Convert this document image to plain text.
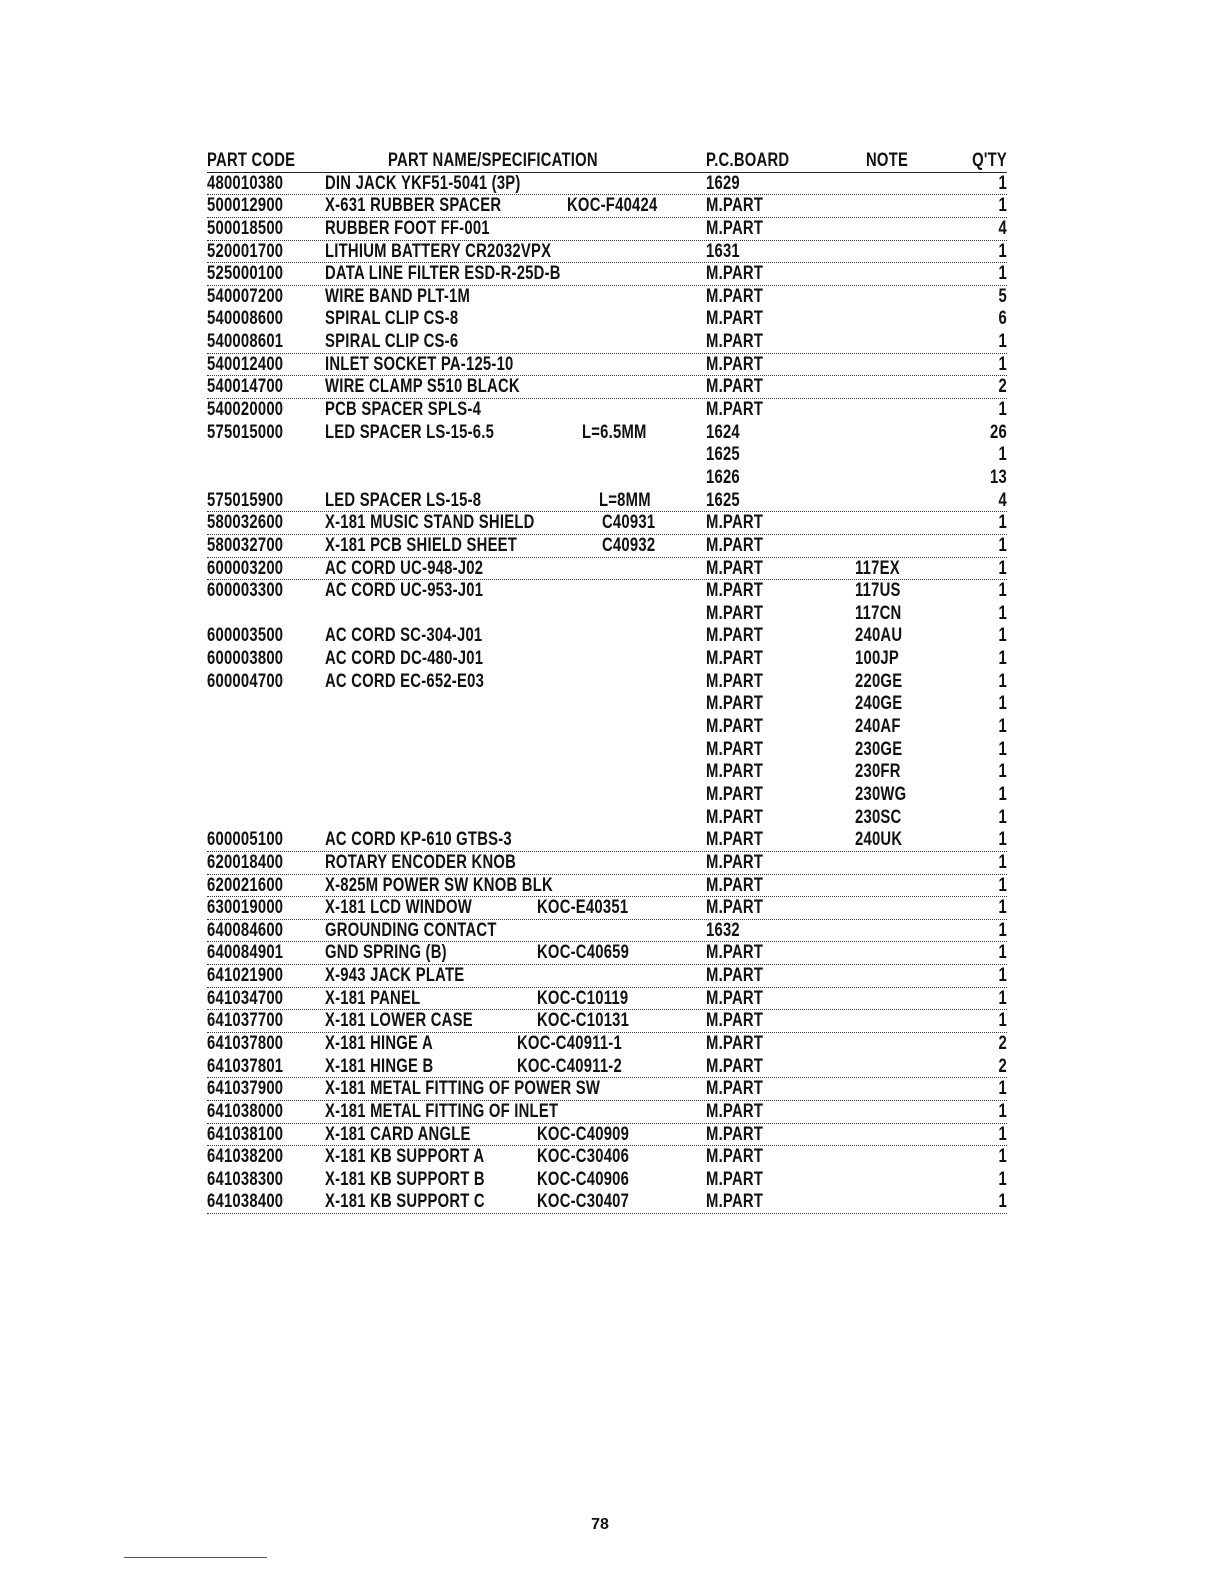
PART CODE	PART NAME/SPECIFICATION	P.C.BOARD	NOTE	Q'TY
480010380 DIN JACK YKF51-5041 (3P)	1629	1
500012900 X-631 RUBBER SPACER	KOC-F40424	M.PART	1
500018500 RUBBER FOOT FF-001	M.PART	4
520001700 LITHIUM BATTERY CR2032VPX	1631	1
525000100 DATA LINE FILTER ESD-R-25D-B	M.PART	1
540007200 WIRE BAND PLT-1M	M.PART	5
540008600 SPIRAL CLIP CS-8	M.PART	6
540008601 SPIRAL CLIP CS-6	M.PART	1
540012400 INLET SOCKET PA-125-10	M.PART	1
540014700 WIRE CLAMP S510 BLACK	M.PART	2
540020000 PCB SPACER SPLS-4	M.PART	1
575015000 LED SPACER LS-15-6.5	L=6.5MM	1624	26
1625	1
1626	13
575015900 LED SPACER LS-15-8	L=8MM	1625	4
580032600 X-181 MUSIC STAND SHIELD	C40931	M.PART	1
580032700 X-181 PCB SHIELD SHEET	C40932	M.PART	1
600003200 AC CORD UC-948-J02	M.PART	117EX	1
600003300 AC CORD UC-953-J01	M.PART	117US	1
M.PART	117CN	1
600003500 AC CORD SC-304-J01	M.PART	240AU	1
600003800 AC CORD DC-480-J01	M.PART	100JP	1
600004700 AC CORD EC-652-E03	M.PART	220GE	1
M.PART	240GE	1
M.PART	240AF	1
M.PART	230GE	1
M.PART	230FR	1
M.PART	230WG	1
M.PART	230SC	1
600005100 AC CORD KP-610 GTBS-3	M.PART	240UK	1
620018400 ROTARY ENCODER KNOB	M.PART	1
620021600 X-825M POWER SW KNOB BLK	M.PART	1
630019000 X-181 LCD WINDOW	KOC-E40351	M.PART	1
640084600 GROUNDING CONTACT	1632	1
640084901 GND SPRING (B)	KOC-C40659	M.PART	1
641021900 X-943 JACK PLATE	M.PART	1
641034700 X-181 PANEL	KOC-C10119	M.PART	1
641037700 X-181 LOWER CASE	KOC-C10131	M.PART	1
641037800 X-181 HINGE A	KOC-C40911-1	M.PART	2
641037801 X-181 HINGE B	KOC-C40911-2	M.PART	2
641037900 X-181 METAL FITTING OF POWER SW	M.PART	1
641038000 X-181 METAL FITTING OF INLET	M.PART	1
641038100 X-181 CARD ANGLE	KOC-C40909	M.PART	1
641038200 X-181 KB SUPPORT A	KOC-C30406	M.PART	1
641038300 X-181 KB SUPPORT B	KOC-C40906	M.PART	1
641038400 X-181 KB SUPPORT C	KOC-C30407	M.PART	1
78
